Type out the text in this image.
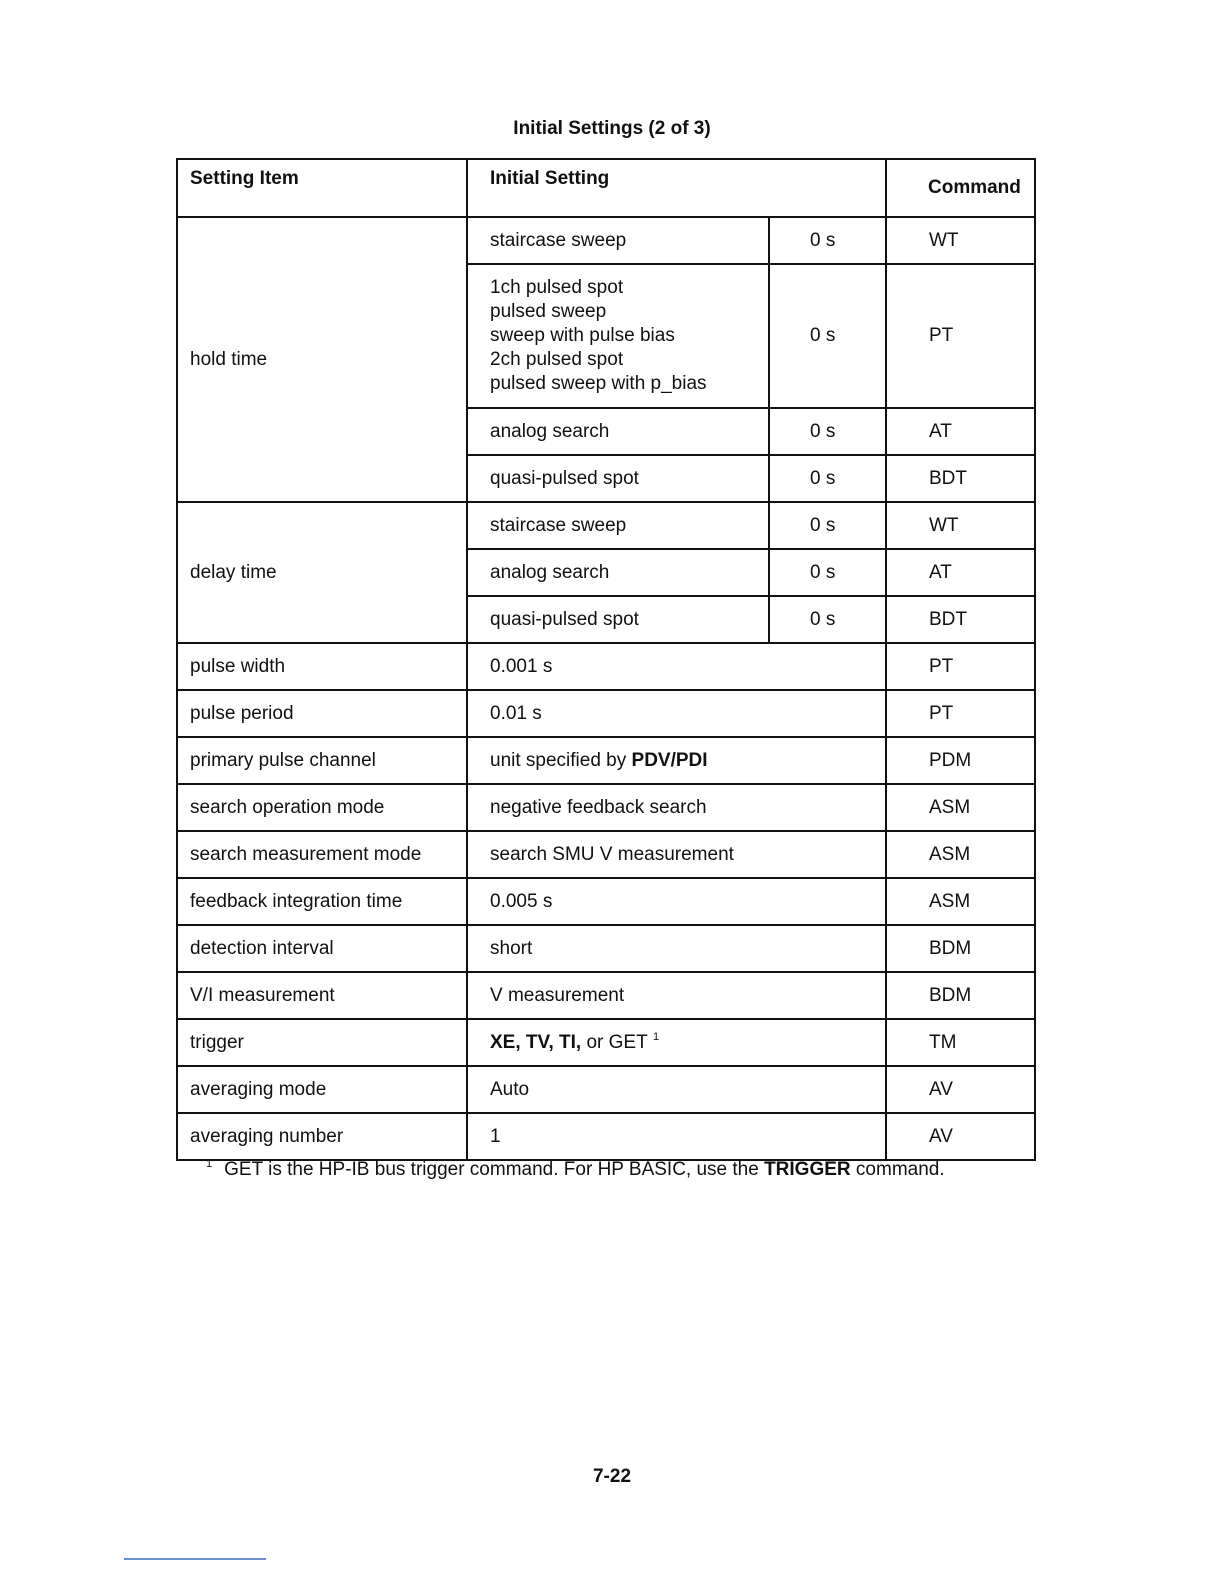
Initial Settings (2 of 3)
Setting Item	Initial Setting		Command
hold time	staircase sweep	0 s	WT

	1ch pulsed spot
pulsed sweep
sweep with pulse bias
2ch pulsed spot
pulsed sweep with p_bias	0 s	PT
	analog search	0 s	AT
	quasi-pulsed spot	0 s	BDT
delay time	staircase sweep	0 s	WT
	analog search	0 s	AT
	quasi-pulsed spot	0 s	BDT
pulse width	0.001 s		PT
pulse period	0.01 s		PT
primary pulse channel	unit specified by PDV/PDI		PDM
search operation mode	negative feedback search		ASM
search measurement mode	search SMU V measurement		ASM
feedback integration time	0.005 s		ASM
detection interval	short		BDM
V/I measurement	V measurement		BDM
trigger	XE, TV, TI, or GET $^1$		TM
averaging mode	Auto		AV
averaging number	1		AV
$^1$ GET is the HP-IB bus trigger command. For HP BASIC, use the TRIGGER command.
7-22
